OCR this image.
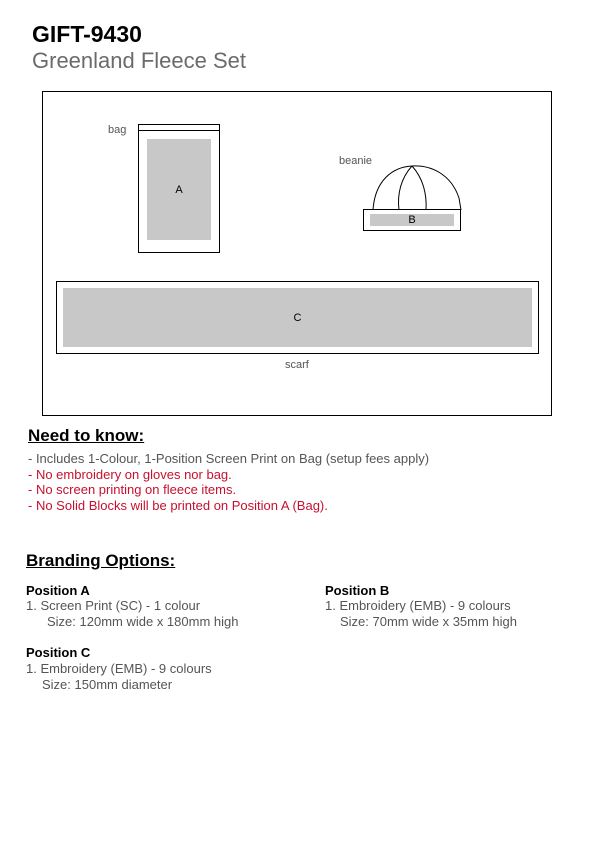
GIFT-9430
Greenland Fleece Set
bag
A
beanie
B
C
scarf
Need to know:
- Includes 1-Colour, 1-Position Screen Print on Bag (setup fees apply)
- No embroidery on gloves nor bag.
- No screen printing on fleece items.
- No Solid Blocks will be printed on Position A (Bag).
Branding Options:
Position A
1. Screen Print (SC) - 1 colour
Size: 120mm wide x 180mm high
Position B
1. Embroidery (EMB) - 9 colours
Size: 70mm wide x 35mm high
Position C
1. Embroidery (EMB) - 9 colours
Size: 150mm diameter
